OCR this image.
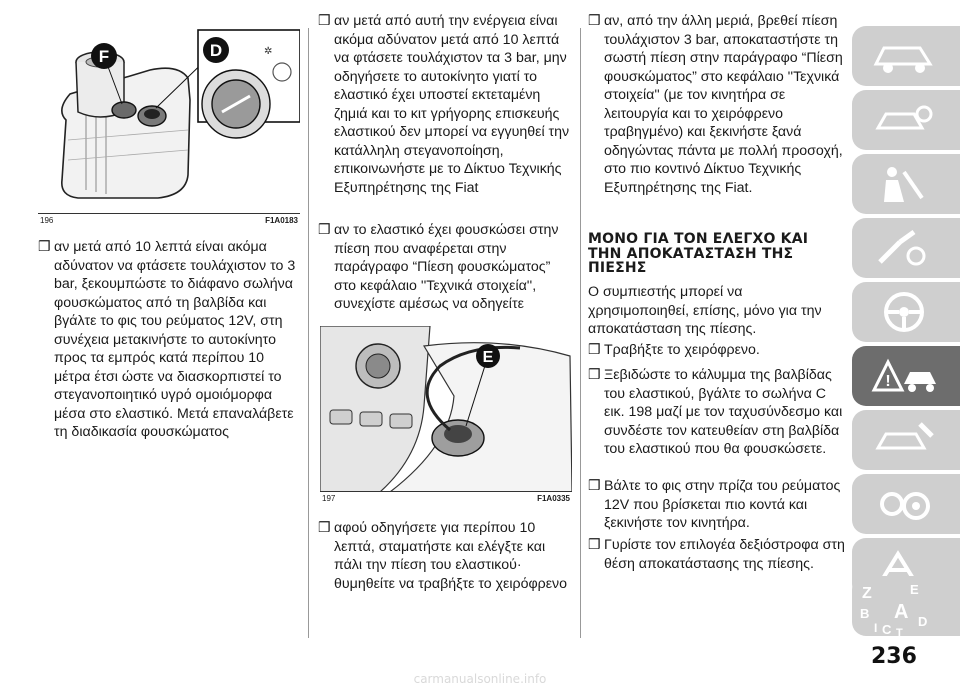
F	✲
D
196	F1A0183
❒ αν μετά από 10 λεπτά είναι ακόμα αδύνατον να φτάσετε τουλάχιστον το 3 bar, ξεκουμπώστε το διάφανο σωλήνα φουσκώματος από τη βαλβίδα και βγάλτε το φις του ρεύματος 12V, στη συνέχεια μετακινήστε το αυτοκίνητο προς τα εμπρός κατά περίπου 10 μέτρα έτσι ώστε να διασκορπιστεί το στεγανοποιητικό υγρό ομοιόμορφα μέσα στο ελαστικό. Μετά επαναλάβετε τη διαδικασία φουσκώματος
❒ αν μετά από αυτή την ενέργεια είναι ακόμα αδύνατον μετά από 10 λεπτά να φτάσετε τουλάχιστον τα 3 bar, μην οδηγήσετε το αυτοκίνητο γιατί το ελαστικό έχει υποστεί εκτεταμένη ζημιά και το κιτ γρήγορης επισκευής ελαστικού δεν μπορεί να εγγυηθεί την κατάλληλη στεγανοποίηση, επικοινωνήστε με το Δίκτυο Τεχνικής Εξυπηρέτησης της Fiat
❒ αν το ελαστικό έχει φουσκώσει στην πίεση που αναφέρεται στην παράγραφο “Πίεση φουσκώματος” στο κεφάλαιο ''Τεχνικά στοιχεία'', συνεχίστε αμέσως να οδηγείτε
E
197	F1A0335
❒ αφού οδηγήσετε για περίπου 10 λεπτά, σταματήστε και ελέγξτε και πάλι την πίεση του ελαστικού· θυμηθείτε να τραβήξτε το χειρόφρενο
❒ αν, από την άλλη μεριά, βρεθεί πίεση τουλάχιστον 3 bar, αποκαταστήστε τη σωστή πίεση στην παράγραφο “Πίεση φουσκώματος” στο κεφάλαιο ''Τεχνικά στοιχεία'' (με τον κινητήρα σε λειτουργία και το χειρόφρενο τραβηγμένο) και ξεκινήστε ξανά οδηγώντας πάντα με πολλή προσοχή, στο πιο κοντινό Δίκτυο Τεχνικής Εξυπηρέτησης της Fiat.
ΜΟΝΟ ΓΙΑ ΤΟΝ ΕΛΕΓΧΟ ΚΑΙ ΤΗΝ ΑΠΟΚΑΤΑΣΤΑΣΗ ΤΗΣ ΠΙΕΣΗΣ
Ο συμπιεστής μπορεί να χρησιμοποιηθεί, επίσης, μόνο για την αποκατάσταση της πίεσης.
❒ Τραβήξτε το χειρόφρενο.
❒ Ξεβιδώστε το κάλυμμα της βαλβίδας του ελαστικού, βγάλτε το σωλήνα C εικ. 198 μαζί με τον ταχυσύνδεσμο και συνδέστε τον κατευθείαν στη βαλβίδα του ελαστικού που θα φουσκώσετε.
❒ Βάλτε το φις στην πρίζα του ρεύματος 12V που βρίσκεται πιο κοντά και ξεκινήστε τον κινητήρα.
❒ Γυρίστε τον επιλογέα δεξιόστροφα στη θέση αποκατάστασης της πίεσης.
!
Z	E
B A
I C T
D
236
carmanualsonline.info
